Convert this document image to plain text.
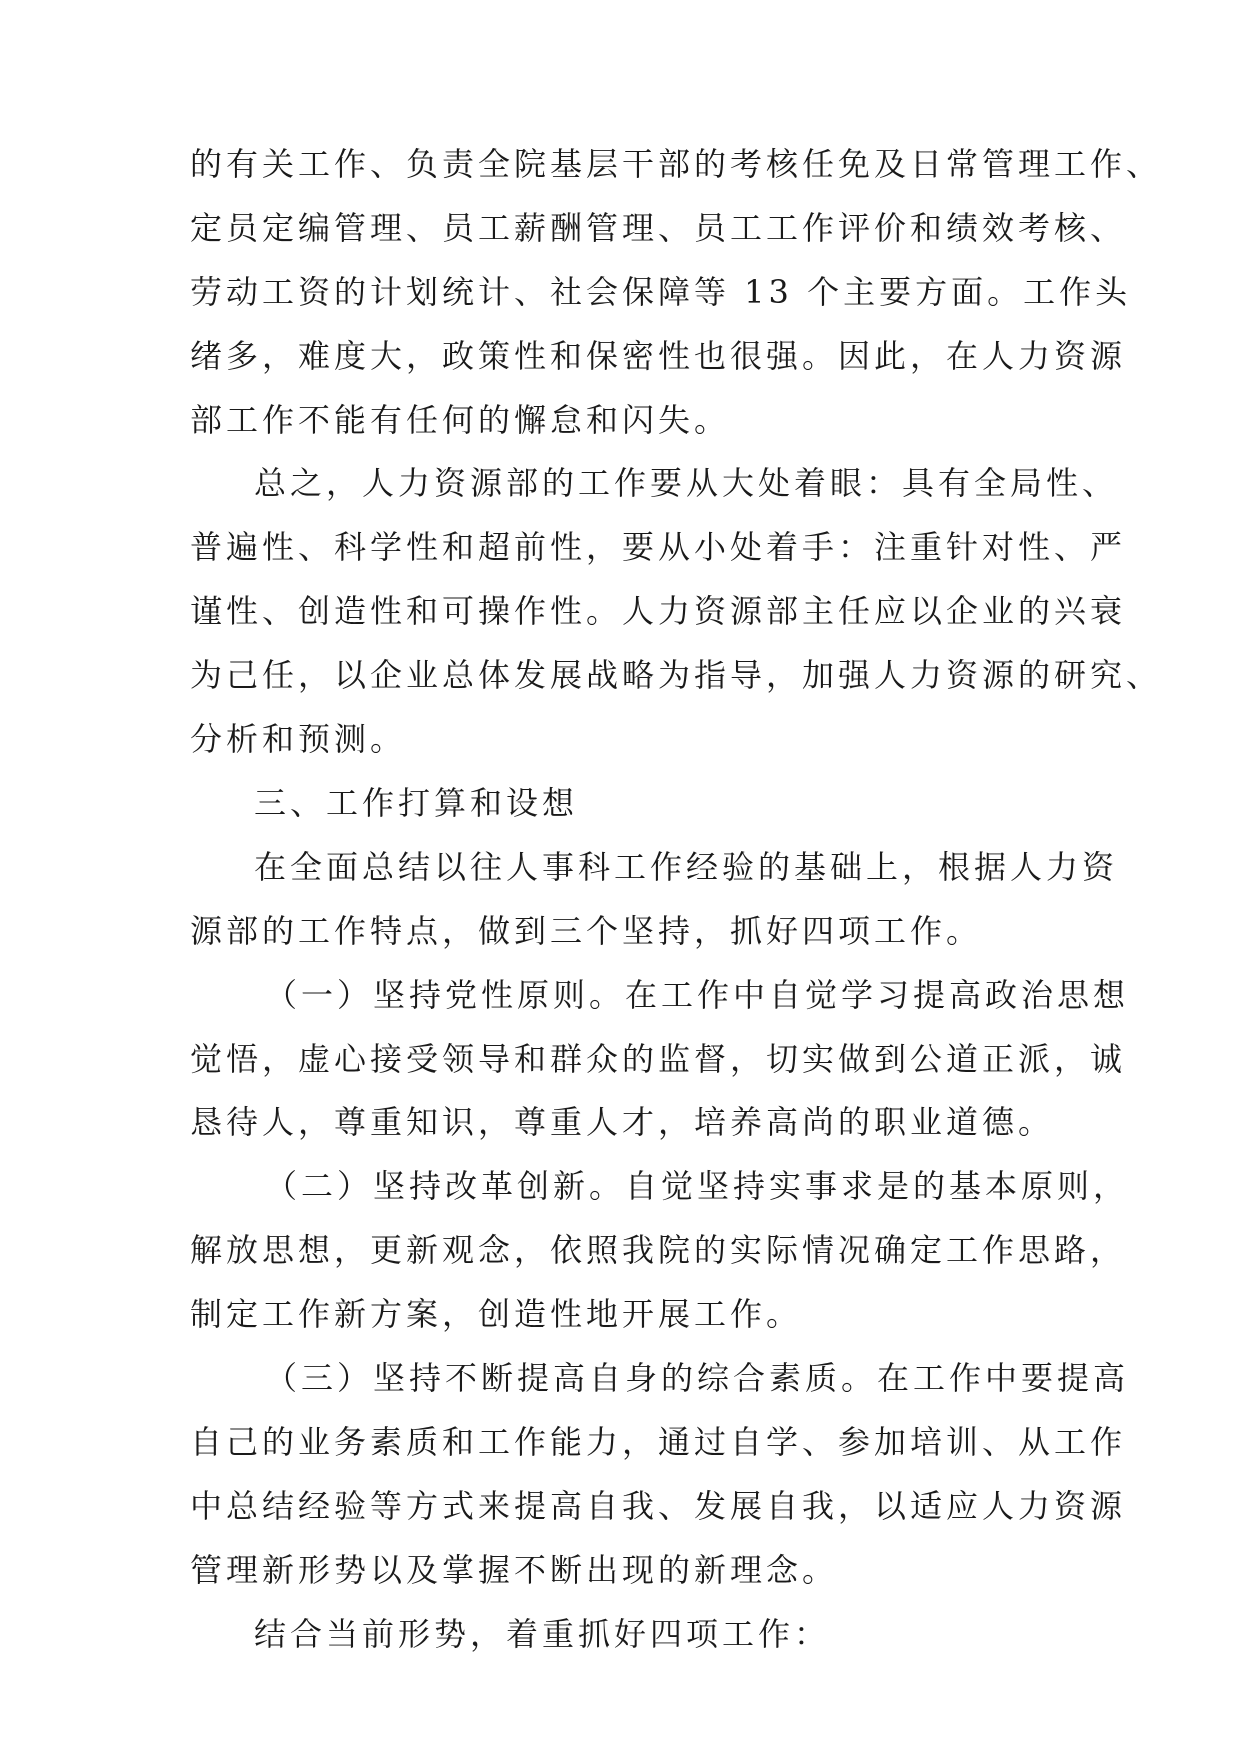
的有关工作、负责全院基层干部的考核任免及日常管理工作、
定员定编管理、员工薪酬管理、员工工作评价和绩效考核、
劳动工资的计划统计、社会保障等 13 个主要方面。工作头
绪多，难度大，政策性和保密性也很强。因此，在人力资源
部工作不能有任何的懈怠和闪失。
总之，人力资源部的工作要从大处着眼：具有全局性、
普遍性、科学性和超前性，要从小处着手：注重针对性、严
谨性、创造性和可操作性。人力资源部主任应以企业的兴衰
为己任，以企业总体发展战略为指导，加强人力资源的研究、
分析和预测。
三、工作打算和设想
在全面总结以往人事科工作经验的基础上，根据人力资
源部的工作特点，做到三个坚持，抓好四项工作。
（一）坚持党性原则。在工作中自觉学习提高政治思想
觉悟，虚心接受领导和群众的监督，切实做到公道正派，诚
恳待人，尊重知识，尊重人才，培养高尚的职业道德。
（二）坚持改革创新。自觉坚持实事求是的基本原则，
解放思想，更新观念，依照我院的实际情况确定工作思路，
制定工作新方案，创造性地开展工作。
（三）坚持不断提高自身的综合素质。在工作中要提高
自己的业务素质和工作能力，通过自学、参加培训、从工作
中总结经验等方式来提高自我、发展自我，以适应人力资源
管理新形势以及掌握不断出现的新理念。
结合当前形势，着重抓好四项工作：
